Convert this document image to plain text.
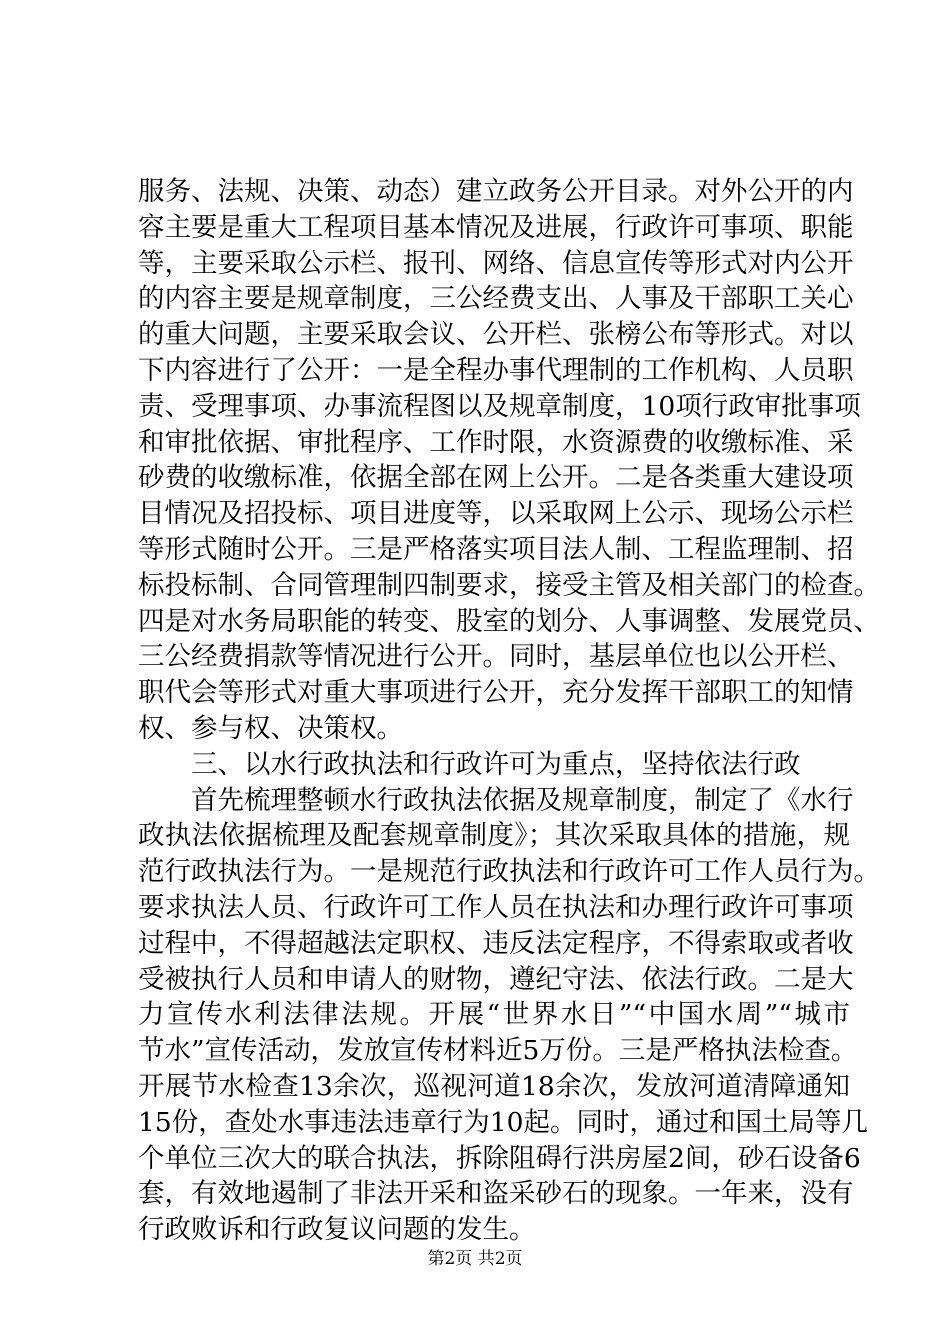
服务、法规、决策、动态）建立政务公开目录。对外公开的内
容主要是重大工程项目基本情况及进展，行政许可事项、职能
等，主要采取公示栏、报刊、网络、信息宣传等形式对内公开
的内容主要是规章制度，三公经费支出、人事及干部职工关心
的重大问题，主要采取会议、公开栏、张榜公布等形式。对以
下内容进行了公开：一是全程办事代理制的工作机构、人员职
责、受理事项、办事流程图以及规章制度，10项行政审批事项
和审批依据、审批程序、工作时限，水资源费的收缴标准、采
砂费的收缴标准，依据全部在网上公开。二是各类重大建设项
目情况及招投标、项目进度等，以采取网上公示、现场公示栏
等形式随时公开。三是严格落实项目法人制、工程监理制、招
标投标制、合同管理制四制要求，接受主管及相关部门的检查。
四是对水务局职能的转变、股室的划分、人事调整、发展党员、
三公经费捐款等情况进行公开。同时，基层单位也以公开栏、
职代会等形式对重大事项进行公开，充分发挥干部职工的知情
权、参与权、决策权。
三、以水行政执法和行政许可为重点，坚持依法行政
首先梳理整顿水行政执法依据及规章制度，制定了《水行
政执法依据梳理及配套规章制度》；其次采取具体的措施，规
范行政执法行为。一是规范行政执法和行政许可工作人员行为。
要求执法人员、行政许可工作人员在执法和办理行政许可事项
过程中，不得超越法定职权、违反法定程序，不得索取或者收
受被执行人员和申请人的财物，遵纪守法、依法行政。二是大
力宣传水利法律法规。开展“世界水日”“中国水周”“城市
节水”宣传活动，发放宣传材料近5万份。三是严格执法检查。
开展节水检查13余次，巡视河道18余次，发放河道清障通知
15份，查处水事违法违章行为10起。同时，通过和国土局等几
个单位三次大的联合执法，拆除阻碍行洪房屋2间，砂石设备6
套，有效地遏制了非法开采和盗采砂石的现象。一年来，没有
行政败诉和行政复议问题的发生。
第2页 共2页
